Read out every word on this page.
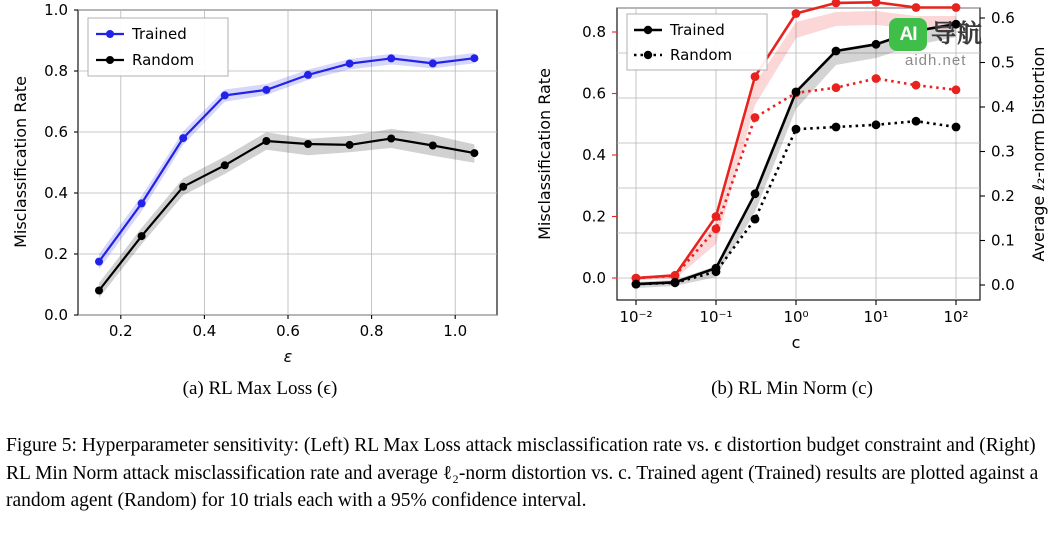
0.2	0.4	0.6	0.8	1.0
1.0
0.8
0.6
0.4
0.2
0.0
ε
Misclassification Rate
Trained
Random
(a) RL Max Loss (ϵ)
10⁻²	10⁻¹	10⁰	10¹	10²
0.0
0.2
0.4
0.6
0.8
0.0
0.1
0.2
0.3
0.4
0.5
0.6
c
Misclassification Rate	Average ℓ₂-norm Distortion
Trained
Random
(b) RL Min Norm (c)
AI 导航
aidh.net
Figure 5: Hyperparameter sensitivity: (Left) RL Max Loss attack misclassification rate vs. ϵ distortion budget constraint and (Right) RL Min Norm attack misclassification rate and average ℓ₂-norm distortion vs. c. Trained agent (Trained) results are plotted against a random agent (Random) for 10 trials each with a 95% confidence interval.
